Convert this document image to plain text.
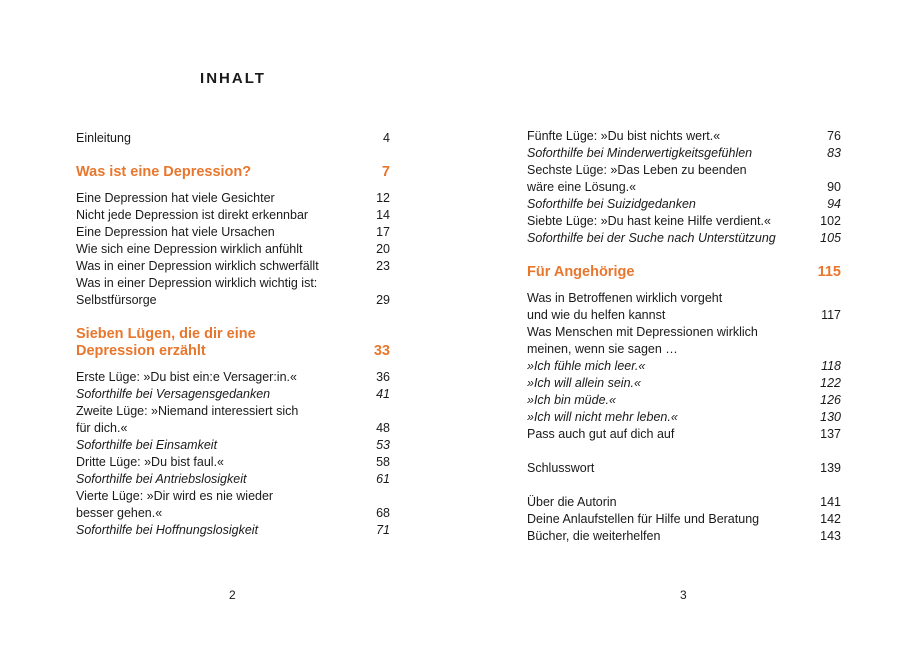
INHALT
Einleitung	4
Was ist eine Depression?	7
Eine Depression hat viele Gesichter	12
Nicht jede Depression ist direkt erkennbar	14
Eine Depression hat viele Ursachen	17
Wie sich eine Depression wirklich anfühlt	20
Was in einer Depression wirklich schwerfällt	23
Was in einer Depression wirklich wichtig ist:
Selbstfürsorge	29
Sieben Lügen, die dir eine
Depression erzählt	33
Erste Lüge: »Du bist ein:e Versager:in.«	36
Soforthilfe bei Versagensgedanken	41
Zweite Lüge: »Niemand interessiert sich
für dich.«	48
Soforthilfe bei Einsamkeit	53
Dritte Lüge: »Du bist faul.«	58
Soforthilfe bei Antriebslosigkeit	61
Vierte Lüge: »Dir wird es nie wieder
besser gehen.«	68
Soforthilfe bei Hoffnungslosigkeit	71
2
Fünfte Lüge: »Du bist nichts wert.«	76
Soforthilfe bei Minderwertigkeitsgefühlen	83
Sechste Lüge: »Das Leben zu beenden
wäre eine Lösung.«	90
Soforthilfe bei Suizidgedanken	94
Siebte Lüge: »Du hast keine Hilfe verdient.«	102
Soforthilfe bei der Suche nach Unterstützung	105
Für Angehörige	115
Was in Betroffenen wirklich vorgeht
und wie du helfen kannst	117
Was Menschen mit Depressionen wirklich
meinen, wenn sie sagen …
»Ich fühle mich leer.«	118
»Ich will allein sein.«	122
»Ich bin müde.«	126
»Ich will nicht mehr leben.«	130
Pass auch gut auf dich auf	137
Schlusswort	139
Über die Autorin	141
Deine Anlaufstellen für Hilfe und Beratung	142
Bücher, die weiterhelfen	143
3
